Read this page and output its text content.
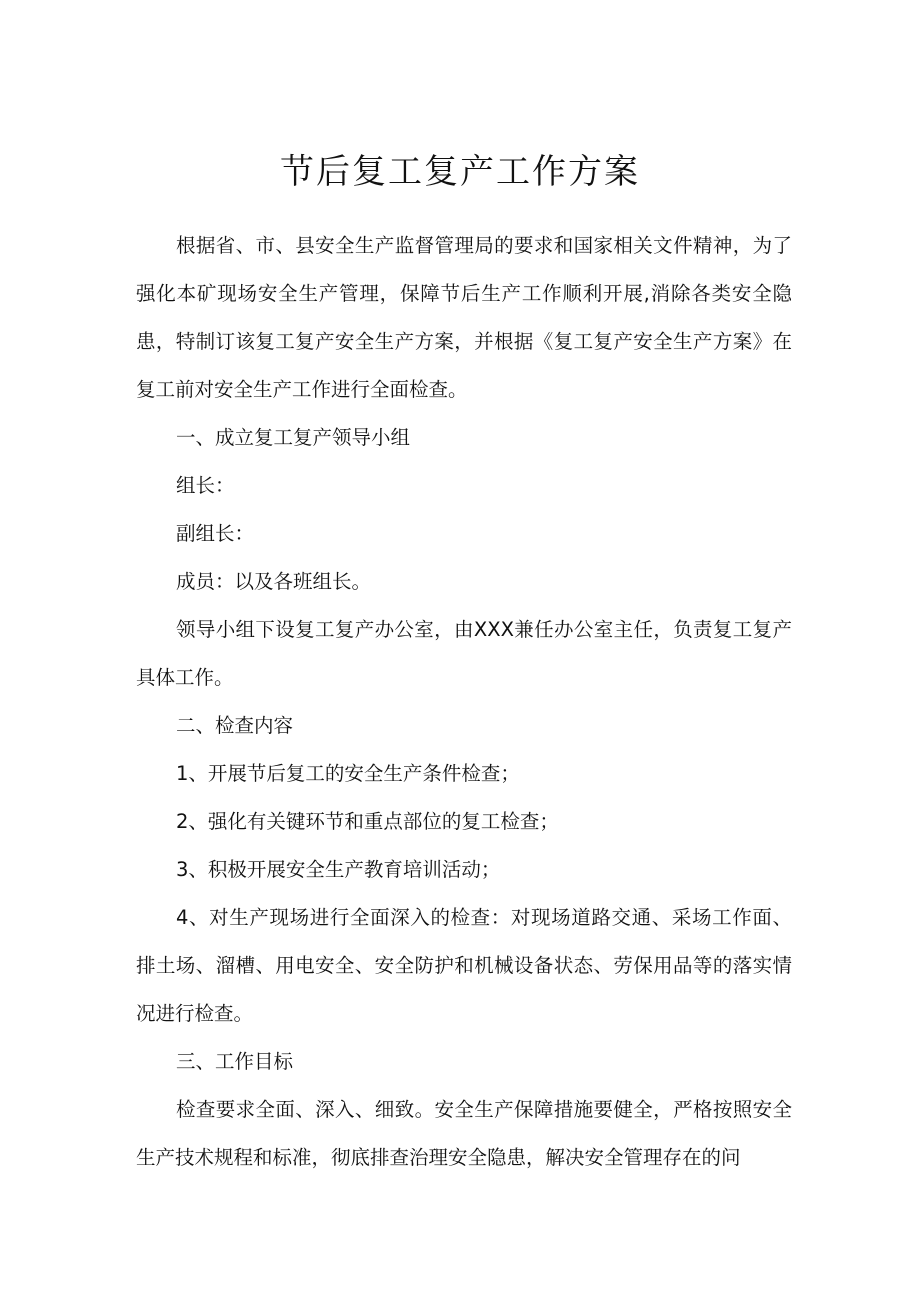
节后复工复产工作方案

根据省、市、县安全生产监督管理局的要求和国家相关文件精神，为了强化本矿现场安全生产管理，保障节后生产工作顺利开展,消除各类安全隐患，特制订该复工复产安全生产方案，并根据《复工复产安全生产方案》在复工前对安全生产工作进行全面检查。

一、成立复工复产领导小组

组长：

副组长：

成员：以及各班组长。

领导小组下设复工复产办公室，由XXX兼任办公室主任，负责复工复产具体工作。

二、检查内容

1、开展节后复工的安全生产条件检查；

2、强化有关键环节和重点部位的复工检查；

3、积极开展安全生产教育培训活动；

4、对生产现场进行全面深入的检查：对现场道路交通、采场工作面、排土场、溜槽、用电安全、安全防护和机械设备状态、劳保用品等的落实情况进行检查。

三、工作目标

检查要求全面、深入、细致。安全生产保障措施要健全，严格按照安全生产技术规程和标准，彻底排查治理安全隐患，解决安全管理存在的问
